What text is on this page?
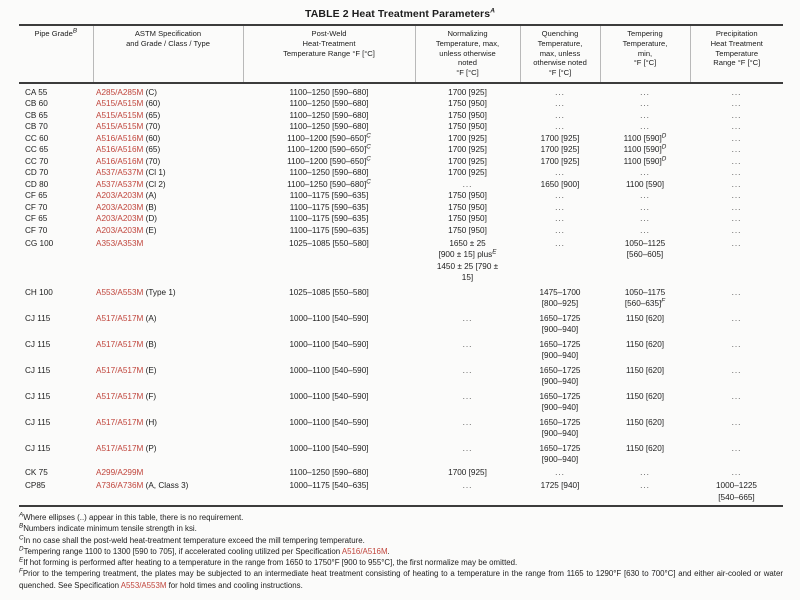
TABLE 2 Heat Treatment Parameters$^A$
Pipe Grade$^B$	ASTM Specification
and Grade / Class / Type	Post-Weld
Heat-Treatment
Temperature Range °F [°C]	Normalizing
Temperature, max,
unless otherwise
noted
°F [°C]	Quenching
Temperature,
max, unless
otherwise noted
°F [°C]	Tempering
Temperature,
min,
°F [°C]	Precipitation
Heat Treatment
Temperature
Range °F [°C]
CA 55	A285/A285M (C)	1100–1250 [590–680]	1700 [925]	...	...	...
CB 60	A515/A515M (60)	1100–1250 [590–680]	1750 [950]	...	...	...
CB 65	A515/A515M (65)	1100–1250 [590–680]	1750 [950]	...	...	...
CB 70	A515/A515M (70)	1100–1250 [590–680]	1750 [950]	...	...	...
CC 60	A516/A516M (60)	1100–1200 $[590-650]^C$	1700 [925]	1700 [925]	1100 $[590]^D$	...
CC 65	A516/A516M (65)	1100–1200 $[590-650]^C$	1700 [925]	1700 [925]	1100 $[590]^D$	...
CC 70	A516/A516M (70)	1100–1200 $[590-650]^C$	1700 [925]	1700 [925]	1100 $[590]^D$	...
CD 70	A537/A537M (Cl 1)	1100–1250 [590–680]	1700 [925]	...	...	...
CD 80	A537/A537M (Cl 2)	1100–1250 $[590-680]^C$	...	1650 [900]	1100 [590]	...
CF 65	A203/A203M (A)	1100–1175 [590–635]	1750 [950]	...	...	...
CF 70	A203/A203M (B)	1100–1175 [590–635]	1750 [950]	...	...	...
CF 65	A203/A203M (D)	1100–1175 [590–635]	1750 [950]	...	...	...
CF 70	A203/A203M (E)	1100–1175 [590–635]	1750 [950]	...	...	...
CG 100	A353/A353M	1025–1085 [550–580]	1650 ± 25
[900 ± 15] plus$^E$
1450 ± 25 [790 ±
15]	...	1050–1125
[560–605]	...
CH 100	A553/A553M (Type 1)	1025–1085 [550–580]		1475–1700
[800–925]	1050–1175
$[560-635]^F$	...
CJ 115	A517/A517M (A)	1000–1100 [540–590]	...	1650–1725
[900–940]	1150 [620]	...
CJ 115	A517/A517M (B)	1000–1100 [540–590]	...	1650–1725
[900–940]	1150 [620]	...
CJ 115	A517/A517M (E)	1000–1100 [540–590]	...	1650–1725
[900–940]	1150 [620]	...
CJ 115	A517/A517M (F)	1000–1100 [540–590]	...	1650–1725
[900–940]	1150 [620]	...
CJ 115	A517/A517M (H)	1000–1100 [540–590]	...	1650–1725
[900–940]	1150 [620]	...
CJ 115	A517/A517M (P)	1000–1100 [540–590]	...	1650–1725
[900–940]	1150 [620]	...
CK 75	A299/A299M	1100–1250 [590–680]	1700 [925]	...	...	...
CP85	A736/A736M (A, Class 3)	1000–1175 [540–635]	...	1725 [940]	...	1000–1225
[540–665]
$^A$Where ellipses (..) appear in this table, there is no requirement.
$^B$Numbers indicate minimum tensile strength in ksi.
$^C$In no case shall the post-weld heat-treatment temperature exceed the mill tempering temperature.
$^D$Tempering range 1100 to 1300 [590 to 705], if accelerated cooling utilized per Specification A516/A516M.
$^E$If hot forming is performed after heating to a temperature in the range from 1650 to 1750°F [900 to 955°C], the first normalize may be omitted.
$^F$Prior to the tempering treatment, the plates may be subjected to an intermediate heat treatment consisting of heating to a temperature in the range from 1165 to 1290°F [630 to 700°C] and either air-cooled or water quenched. See Specification A553/A553M for hold times and cooling instructions.
